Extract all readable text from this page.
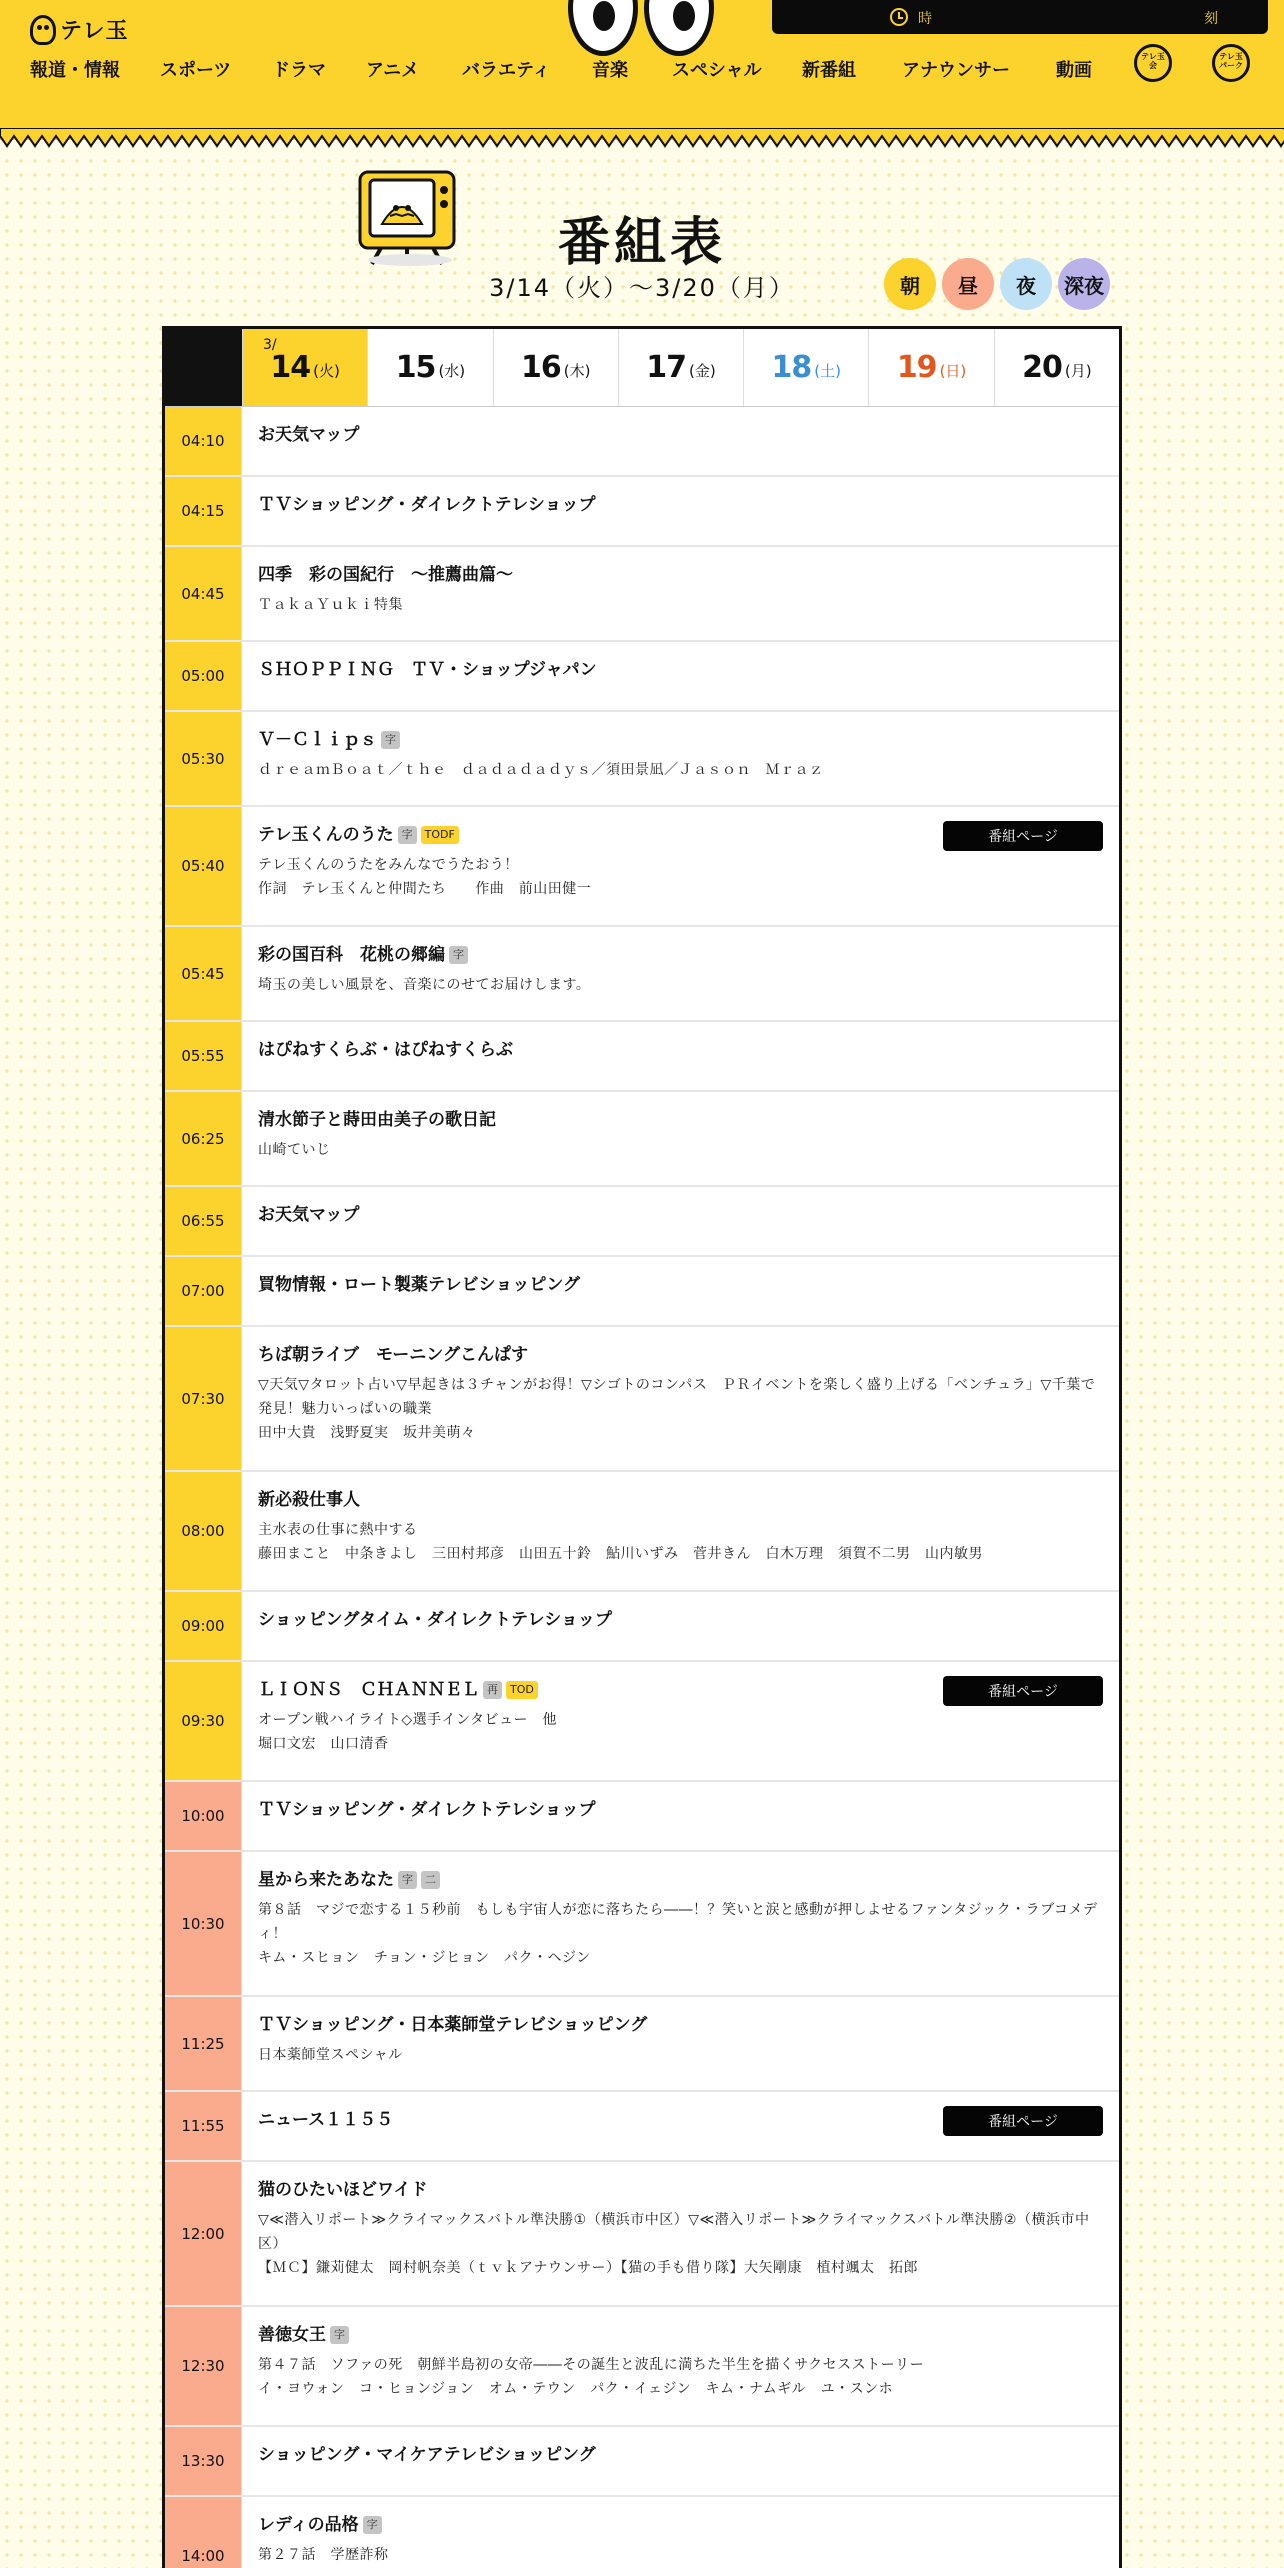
テレ玉
報道・情報 スポーツ ドラマ アニメ バラエティ 音楽 スペシャル 新番組	アナウンサー	動画
時	刻
テレ玉 会
テレ玉 パーク
番組表
3/14（火）〜3/20（月）	朝	昼	夜	深夜
3/
14 (火) 15 (水) 16 (木) 17 (金) 18 (土) 19 (日) 20 (月)
04:10	お天気マップ
04:15	ＴＶショッピング・ダイレクトテレショップ
04:45
四季　彩の国紀行　～推薦曲篇～
ＴａｋａＹｕｋｉ特集
05:00	ＳＨＯＰＰＩＮＧ　ＴＶ・ショップジャパン
05:30
Ｖ－Ｃｌｉｐｓ 字
ｄｒｅａｍＢｏａｔ／ｔｈｅ　ｄａｄａｄａｄｙｓ／須田景凪／Ｊａｓｏｎ　Ｍｒａｚ
05:40
テレ玉くんのうた 字 TODF
テレ玉くんのうたをみんなでうたおう！
作詞　テレ玉くんと仲間たち　　作曲　前山田健一
番組ページ
05:45
彩の国百科　花桃の郷編 字
埼玉の美しい風景を、音楽にのせてお届けします。
05:55	はぴねすくらぶ・はぴねすくらぶ
06:25
清水節子と蒔田由美子の歌日記
山崎ていじ
06:55	お天気マップ
07:00	買物情報・ロート製薬テレビショッピング
07:30
ちば朝ライブ　モーニングこんぱす
▽天気▽タロット占い▽早起きは３チャンがお得！▽シゴトのコンパス　ＰＲイベントを楽しく盛り上げる「ベンチュラ」▽千葉で発見！魅力いっぱいの職業
田中大貴　浅野夏実　坂井美萌々
08:00
新必殺仕事人
主水表の仕事に熱中する
藤田まこと　中条きよし　三田村邦彦　山田五十鈴　鮎川いずみ　菅井きん　白木万理　須賀不二男　山内敏男
09:00	ショッピングタイム・ダイレクトテレショップ
09:30
ＬＩＯＮＳ　ＣＨＡＮＮＥＬ 再 TOD
オープン戦ハイライト◇選手インタビュー　他
堀口文宏　山口清香
番組ページ
10:00	ＴＶショッピング・ダイレクトテレショップ
10:30
星から来たあなた 字 二
第８話　マジで恋する１５秒前　もしも宇宙人が恋に落ちたら――！？笑いと涙と感動が押しよせるファンタジック・ラブコメディ！
キム・スヒョン　チョン・ジヒョン　パク・ヘジン
11:25
ＴＶショッピング・日本薬師堂テレビショッピング
日本薬師堂スペシャル
11:55	ニュース１１５５	番組ページ
12:00
猫のひたいほどワイド
▽≪潜入リポート≫クライマックスバトル準決勝①（横浜市中区）▽≪潜入リポート≫クライマックスバトル準決勝②（横浜市中区）
【ＭＣ】鎌苅健太　岡村帆奈美（ｔｖｋアナウンサー）【猫の手も借り隊】大矢剛康　植村颯太　拓郎
12:30
善徳女王 字
第４７話　ソファの死　朝鮮半島初の女帝――その誕生と波乱に満ちた半生を描くサクセスストーリー
イ・ヨウォン　コ・ヒョンジョン　オム・テウン　パク・イェジン　キム・ナムギル　ユ・スンホ
13:30	ショッピング・マイケアテレビショッピング
14:00
レディの品格 字
第２７話　学歴詐称
